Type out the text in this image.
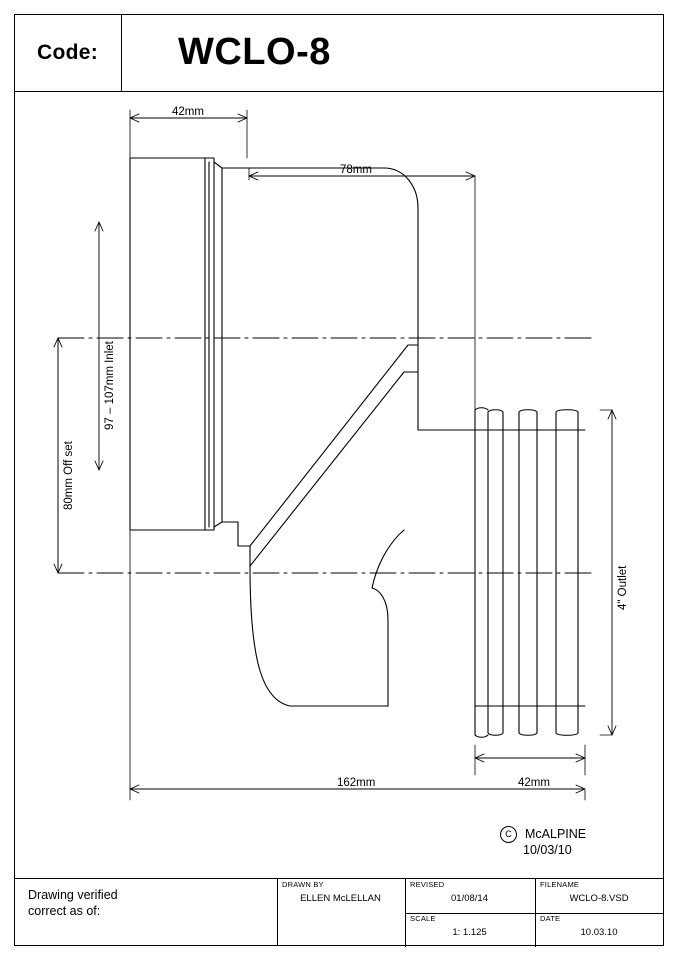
Code:	WCLO-8
42mm
78mm
97 – 107mm Inlet
80mm Off set
4" Outlet
42mm
162mm
C	McALPINE
10/03/10
Drawing verified
correct as of:
DRAWN BY
ELLEN McLELLAN
REVISED
01/08/14
FILENAME
WCLO-8.VSD
SCALE
1: 1.125
DATE
10.03.10
